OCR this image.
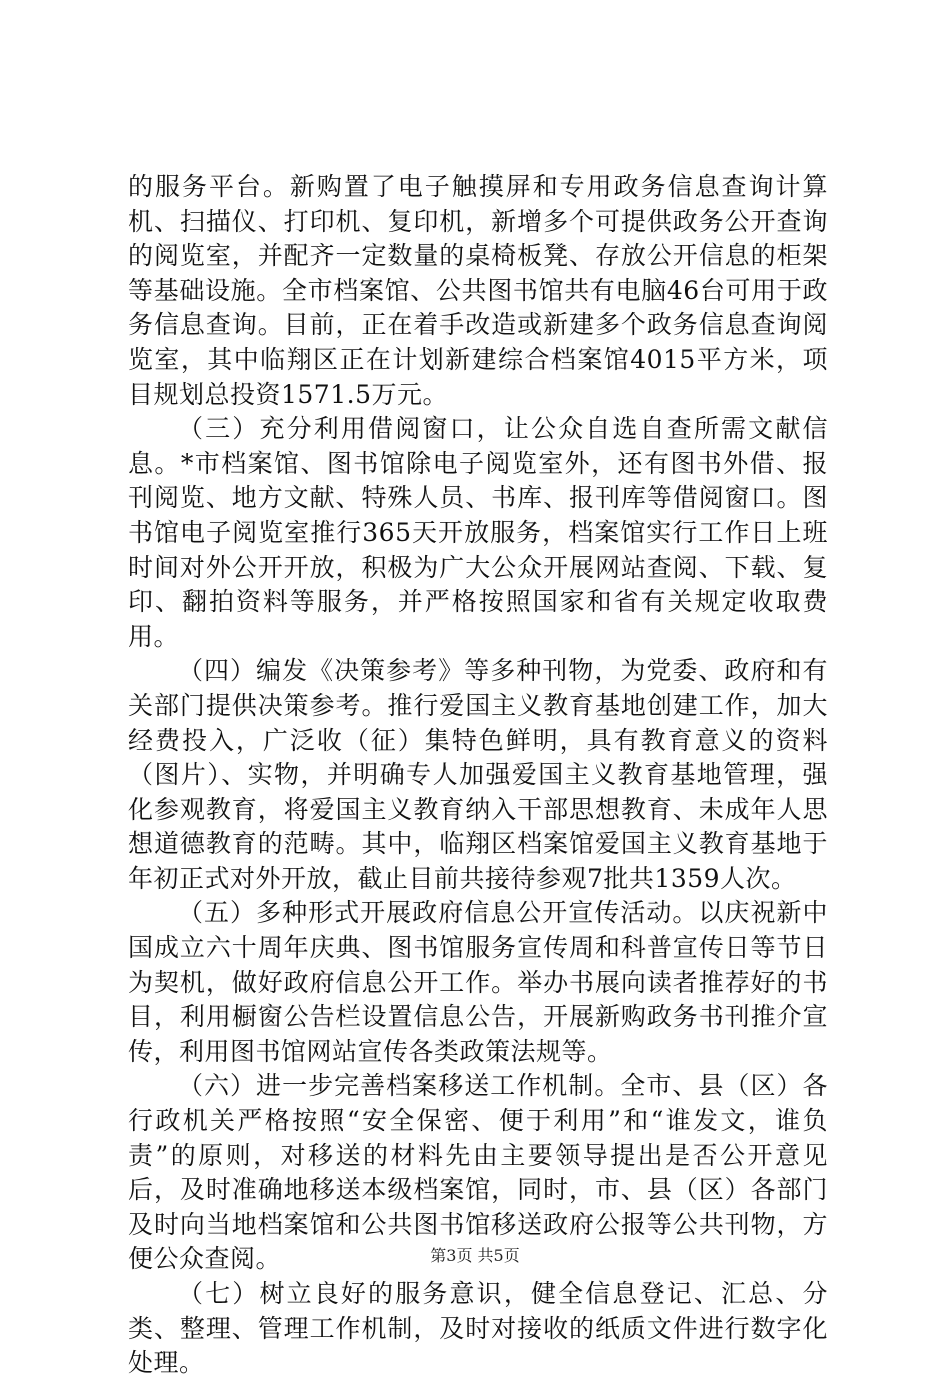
的服务平台。新购置了电子触摸屏和专用政务信息查询计算机、扫描仪、打印机、复印机，新增多个可提供政务公开查询的阅览室，并配齐一定数量的桌椅板凳、存放公开信息的柜架等基础设施。全市档案馆、公共图书馆共有电脑46台可用于政务信息查询。目前，正在着手改造或新建多个政务信息查询阅览室，其中临翔区正在计划新建综合档案馆4015平方米，项目规划总投资1571.5万元。

（三）充分利用借阅窗口，让公众自选自查所需文献信息。*市档案馆、图书馆除电子阅览室外，还有图书外借、报刊阅览、地方文献、特殊人员、书库、报刊库等借阅窗口。图书馆电子阅览室推行365天开放服务，档案馆实行工作日上班时间对外公开开放，积极为广大公众开展网站查阅、下载、复印、翻拍资料等服务，并严格按照国家和省有关规定收取费用。

（四）编发《决策参考》等多种刊物，为党委、政府和有关部门提供决策参考。推行爱国主义教育基地创建工作，加大经费投入，广泛收（征）集特色鲜明，具有教育意义的资料（图片）、实物，并明确专人加强爱国主义教育基地管理，强化参观教育，将爱国主义教育纳入干部思想教育、未成年人思想道德教育的范畴。其中，临翔区档案馆爱国主义教育基地于年初正式对外开放，截止目前共接待参观7批共1359人次。

（五）多种形式开展政府信息公开宣传活动。以庆祝新中国成立六十周年庆典、图书馆服务宣传周和科普宣传日等节日为契机，做好政府信息公开工作。举办书展向读者推荐好的书目，利用橱窗公告栏设置信息公告，开展新购政务书刊推介宣传，利用图书馆网站宣传各类政策法规等。

（六）进一步完善档案移送工作机制。全市、县（区）各行政机关严格按照“安全保密、便于利用”和“谁发文，谁负责”的原则，对移送的材料先由主要领导提出是否公开意见后，及时准确地移送本级档案馆，同时，市、县（区）各部门及时向当地档案馆和公共图书馆移送政府公报等公共刊物，方便公众查阅。

（七）树立良好的服务意识，健全信息登记、汇总、分类、整理、管理工作机制，及时对接收的纸质文件进行数字化处理。

第3页 共5页
